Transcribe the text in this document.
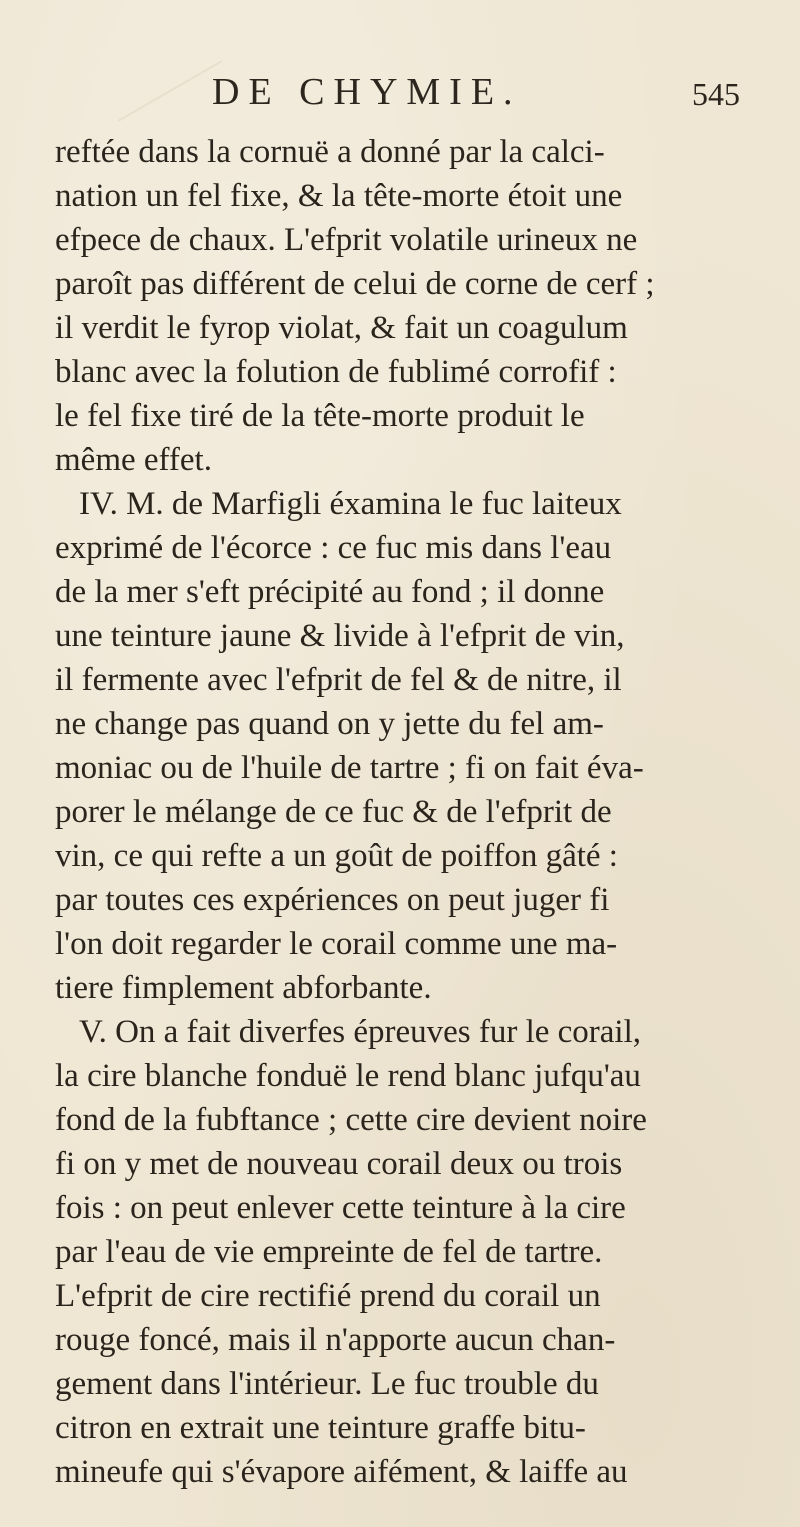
DE CHYMIE.	545
reftée dans la cornuë a donné par la calci-
nation un fel fixe, & la tête-morte étoit une
efpece de chaux. L'efprit volatile urineux ne
paroît pas différent de celui de corne de cerf ;
il verdit le fyrop violat, & fait un coagulum
blanc avec la folution de fublimé corrofif :
le fel fixe tiré de la tête-morte produit le
même effet.
IV. M. de Marfigli éxamina le fuc laiteux
exprimé de l'écorce : ce fuc mis dans l'eau
de la mer s'eft précipité au fond ; il donne
une teinture jaune & livide à l'efprit de vin,
il fermente avec l'efprit de fel & de nitre, il
ne change pas quand on y jette du fel am-
moniac ou de l'huile de tartre ; fi on fait éva-
porer le mélange de ce fuc & de l'efprit de
vin, ce qui refte a un goût de poiffon gâté :
par toutes ces expériences on peut juger fi
l'on doit regarder le corail comme une ma-
tiere fimplement abforbante.
V. On a fait diverfes épreuves fur le corail,
la cire blanche fonduë le rend blanc jufqu'au
fond de la fubftance ; cette cire devient noire
fi on y met de nouveau corail deux ou trois
fois : on peut enlever cette teinture à la cire
par l'eau de vie empreinte de fel de tartre.
L'efprit de cire rectifié prend du corail un
rouge foncé, mais il n'apporte aucun chan-
gement dans l'intérieur. Le fuc trouble du
citron en extrait une teinture graffe bitu-
mineufe qui s'évapore aifément, & laiffe au
